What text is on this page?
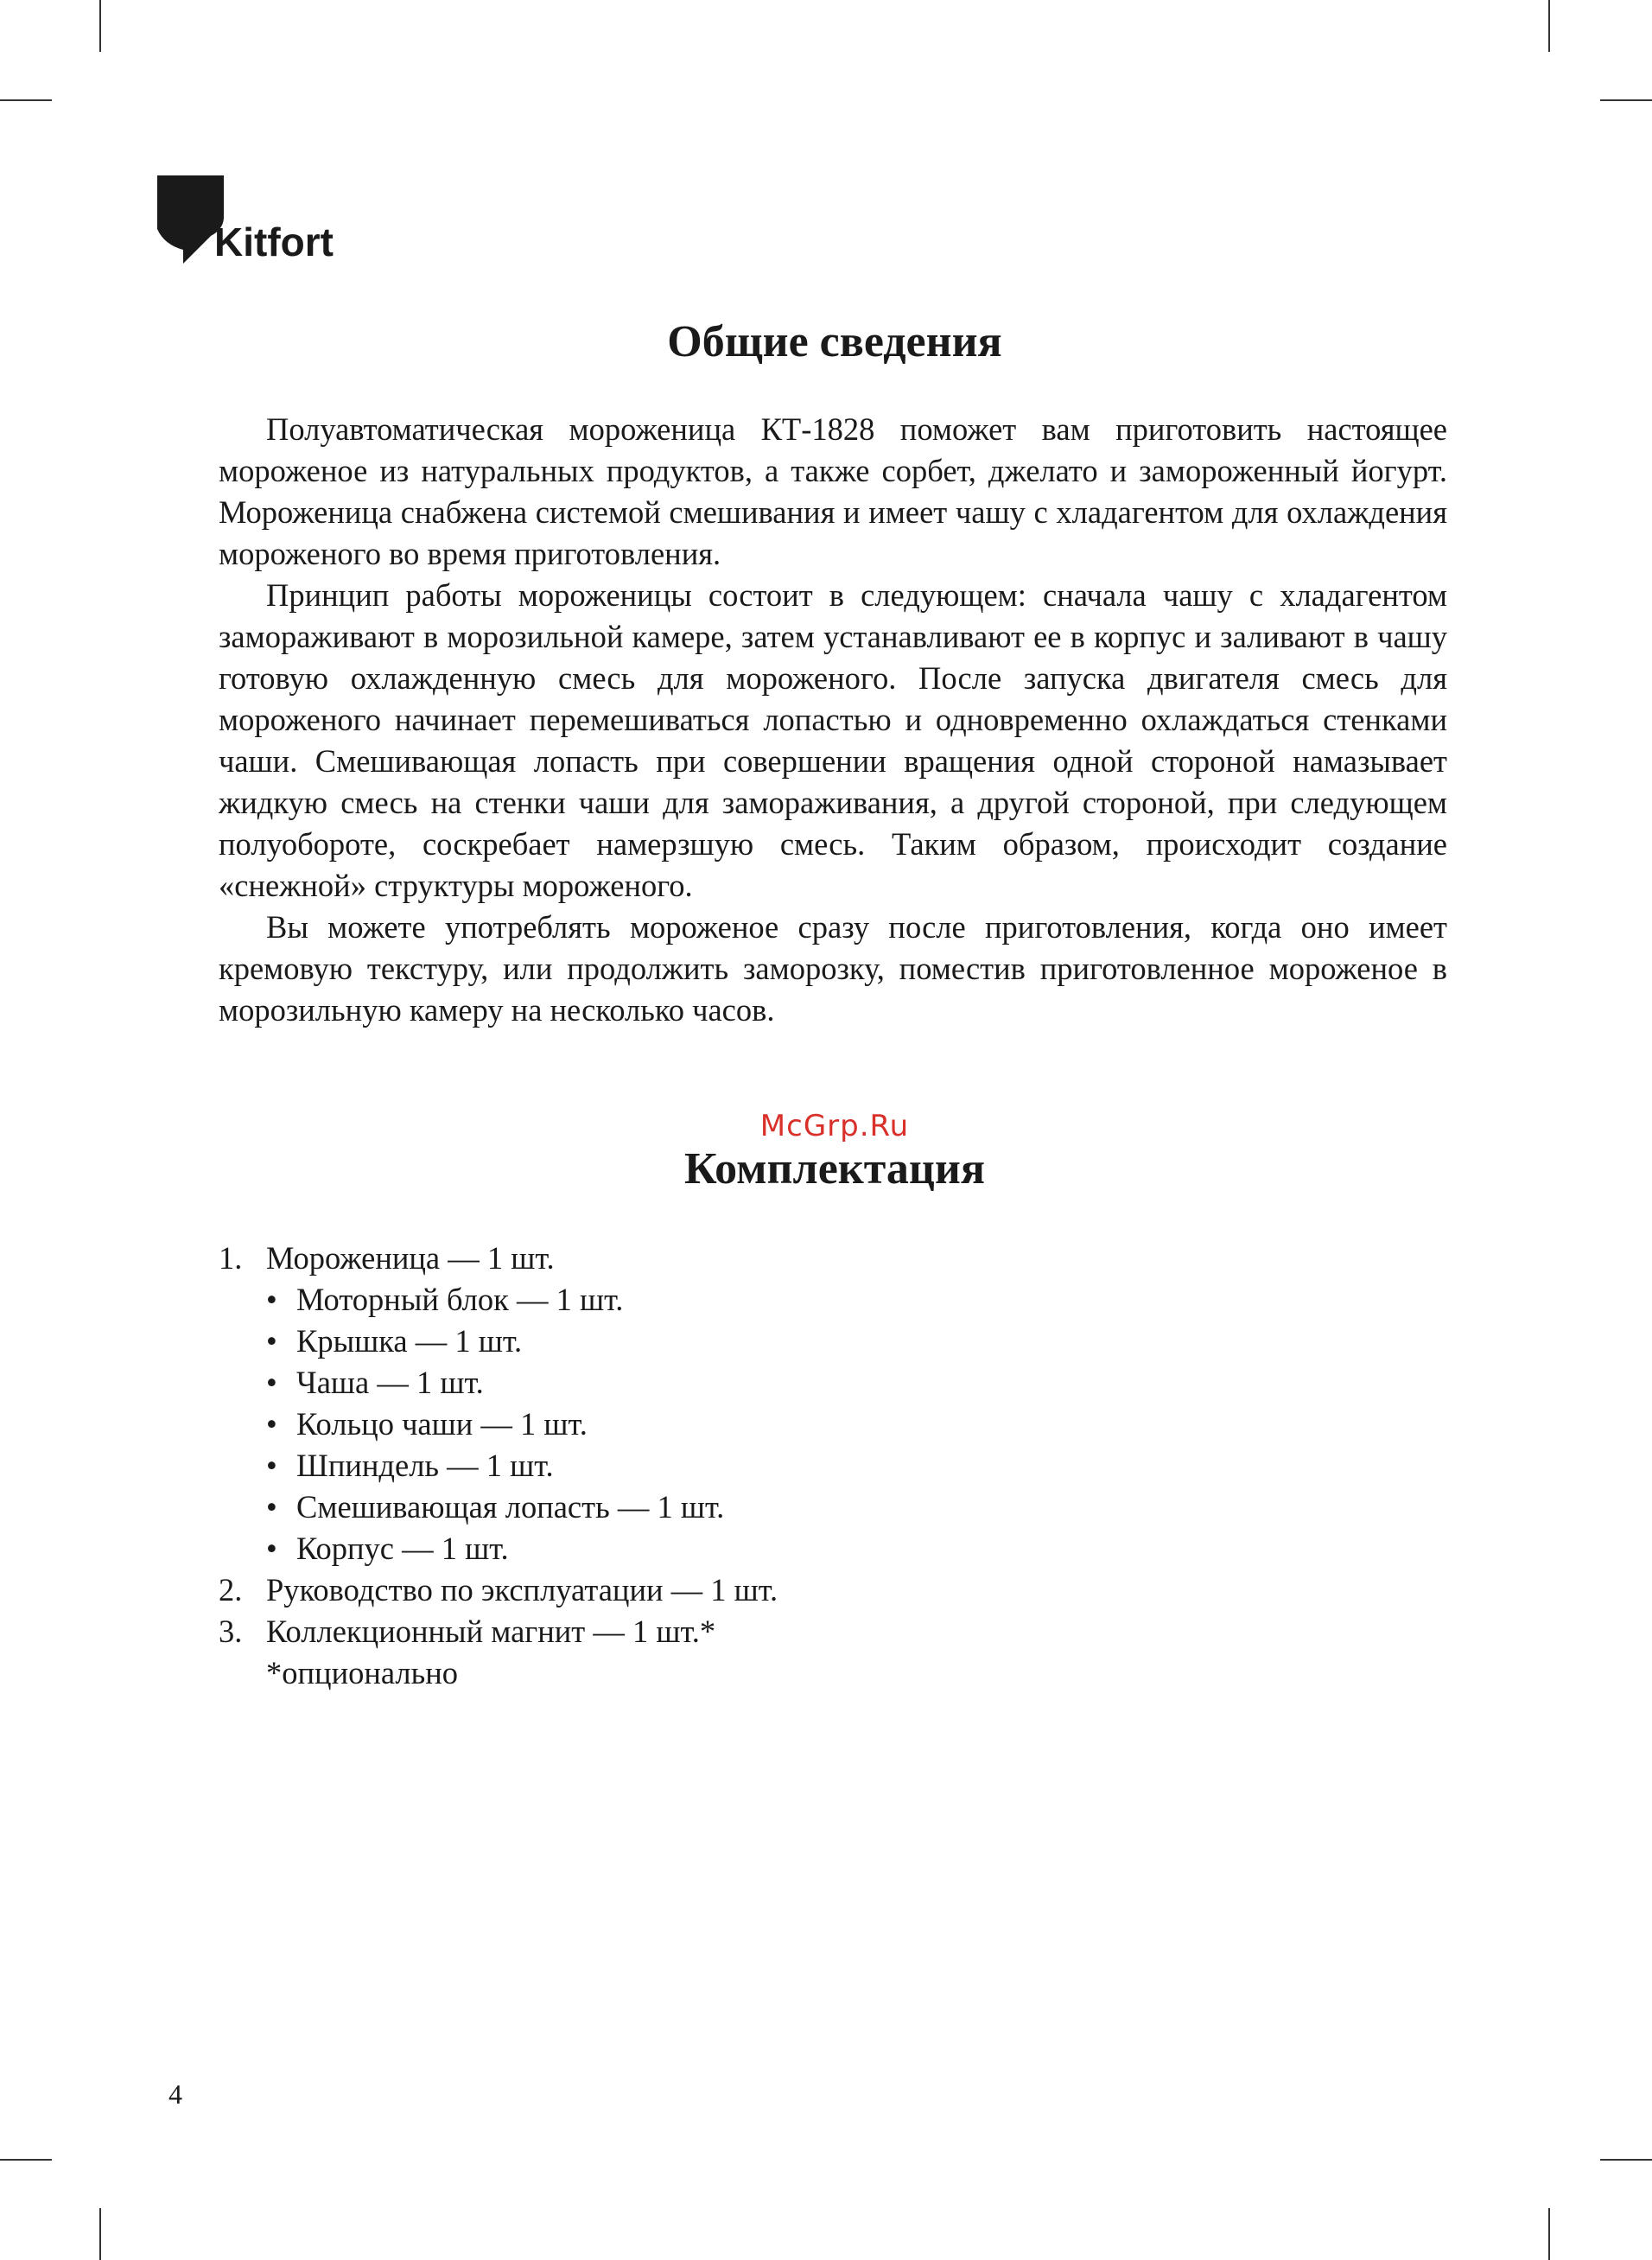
Kitfort
Общие сведения

Полуавтоматическая мороженица КТ-1828 поможет вам приготовить настоящее мороженое из натуральных продуктов, а также сорбет, джелато и замороженный йогурт. Мороженица снабжена системой смешивания и имеет чашу с хладагентом для охлаждения мороженого во время приготовления.

Принцип работы мороженицы состоит в следующем: сначала чашу с хладагентом замораживают в морозильной камере, затем устанавливают ее в корпус и заливают в чашу готовую охлажденную смесь для мороженого. После запуска двигателя смесь для мороженого начинает перемешиваться лопастью и одновременно охлаждаться стенками чаши. Смешивающая лопасть при совершении вращения одной стороной намазывает жидкую смесь на стенки чаши для замораживания, а другой стороной, при следующем полуобороте, соскребает намерзшую смесь. Таким образом, происходит создание «снежной» структуры мороженого.

Вы можете употреблять мороженое сразу после приготовления, когда оно имеет кремовую текстуру, или продолжить заморозку, поместив приготовленное мороженое в морозильную камеру на несколько часов.

McGrp.Ru
Комплектация
1. Мороженица — 1 шт.
• Моторный блок — 1 шт.
• Крышка — 1 шт.
• Чаша — 1 шт.
• Кольцо чаши — 1 шт.
• Шпиндель — 1 шт.
• Смешивающая лопасть — 1 шт.
• Корпус — 1 шт.
2. Руководство по эксплуатации — 1 шт.
3. Коллекционный магнит — 1 шт.*
*опционально
4
